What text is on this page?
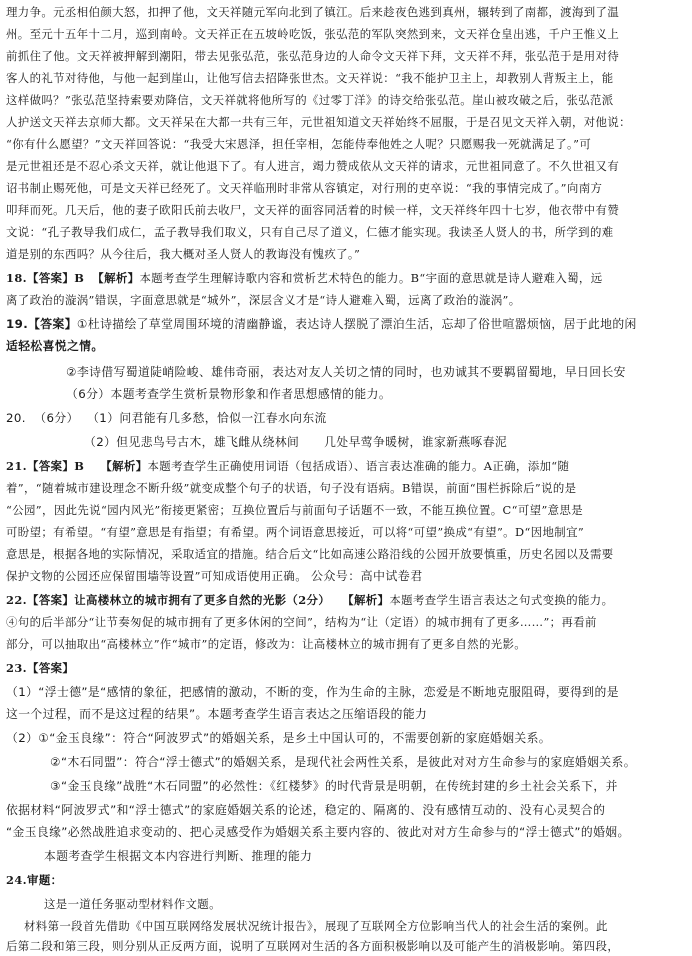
理力争。元丞相伯颜大怒，扣押了他，文天祥随元军向北到了镇江。后来趁夜色逃到真州，辗转到了南都，渡海到了温
州。至元十五年十二月，巡到南岭。文天祥正在五坡岭吃饭，张弘范的军队突然到来，文天祥仓皇出逃，千户王惟义上
前抓住了他。文天祥被押解到潮阳，带去见张弘范，张弘范身边的人命令文天祥下拜，文天祥不拜，张弘范于是用对待
客人的礼节对待他，与他一起到崖山，让他写信去招降张世杰。文天祥说：“我不能护卫主上，却教别人背叛主上，能
这样做吗？”张弘范坚持索要劝降信，文天祥就将他所写的《过零丁洋》的诗交给张弘范。崖山被攻破之后，张弘范派
人护送文天祥去京师大都。文天祥呆在大都一共有三年，元世祖知道文天祥始终不屈服，于是召见文天祥入朝，对他说：
“你有什么愿望？”文天祥回答说：“我受大宋恩泽，担任宰相，怎能侍奉他姓之人呢？只愿赐我一死就满足了。”可
是元世祖还是不忍心杀文天祥，就让他退下了。有人进言，竭力赞成依从文天祥的请求，元世祖同意了。不久世祖又有
诏书制止赐死他，可是文天祥已经死了。文天祥临刑时非常从容镇定，对行刑的吏卒说：“我的事情完成了。”向南方
叩拜而死。几天后，他的妻子欧阳氏前去收尸，文天祥的面容同活着的时候一样，文天祥终年四十七岁，他衣带中有赞
文说：“孔子教导我们成仁，孟子教导我们取义，只有自己尽了道义，仁德才能实现。我读圣人贤人的书，所学到的难
道是别的东西吗？从今往后，我大概对圣人贤人的教诲没有愧疚了。”
18.【答案】B 【解析】本题考查学生理解诗歌内容和赏析艺术特色的能力。B“宇面的意思就是诗人避难入蜀，远
离了政治的漩涡”错误，字面意思就是“城外”，深层含义才是“诗人避难入蜀，远离了政治的漩涡”。
19.【答案】①杜诗描绘了草堂周围环境的清幽静谧，表达诗人摆脱了漂泊生活，忘却了俗世喧嚣烦恼，居于此地的闲
适轻松喜悦之情。
②李诗借写蜀道陡峭险峻、雄伟奇丽，表达对友人关切之情的同时，也劝诚其不要羁留蜀地，早日回长安
（6分）本题考查学生赏析景物形象和作者思想感情的能力。
20. （6分） （1）问君能有几多愁，恰似一江春水向东流
（2）但见悲鸟号古木，雄飞雌从绕林间 几处早莺争暖树，谁家新燕啄春泥
21.【答案】B 【解析】本题考查学生正确使用词语（包括成语）、语言表达准确的能力。A正确，添加“随
着”，“随着城市建设理念不断升级”就变成整个句子的状语，句子没有语病。B错误，前面“围栏拆除后”说的是
“公园”，因此先说“园内风光”衔接更紧密；互换位置后与前面句子话题不一致，不能互换位置。C“可望”意思是
可盼望；有希望。“有望”意思是有指望；有希望。两个词语意思接近，可以将“可望”换成“有望”。D“因地制宜”
意思是，根据各地的实际情况，采取适宜的措施。结合后文“比如高速公路沿线的公园开放要慎重，历史名园以及需要
保护文物的公园还应保留围墙等设置”可知成语使用正确。 公众号：高中试卷君
22.【答案】让高楼林立的城市拥有了更多自然的光影（2分） 【解析】本题考查学生语言表达之句式变换的能力。
④句的后半部分“让节奏匆促的城市拥有了更多休闲的空间”，结构为“让（定语）的城市拥有了更多……”；再看前
部分，可以抽取出“高楼林立”作“城市”的定语，修改为：让高楼林立的城市拥有了更多自然的光影。
23.【答案】
（1）“浮士德”是“感情的象征，把感情的激动，不断的变，作为生命的主脉，恋爱是不断地克服阻碍，要得到的是
这一个过程，而不是这过程的结果”。本题考查学生语言表达之压缩语段的能力
（2）①“金玉良缘”：符合“阿波罗式”的婚姻关系，是乡土中国认可的，不需要创新的家庭婚姻关系。
②“木石同盟”：符合“浮士德式”的婚姻关系，是现代社会两性关系，是彼此对对方生命参与的家庭婚姻关系。
③“金玉良缘”战胜“木石同盟”的必然性：《红楼梦》的时代背景是明朝，在传统封建的乡土社会关系下，并
依据材料“阿波罗式”和“浮士德式”的家庭婚姻关系的论述，稳定的、隔离的、没有感情互动的、没有心灵契合的
“金玉良缘”必然战胜追求变动的、把心灵感受作为婚姻关系主要内容的、彼此对对方生命参与的“浮士德式”的婚姻。
本题考查学生根据文本内容进行判断、推理的能力
24.审题：
这是一道任务驱动型材料作文题。
材料第一段首先借助《中国互联网络发展状况统计报告》，展现了互联网全方位影响当代人的社会生活的案例。此
后第二段和第三段，则分别从正反两方面，说明了互联网对生活的各方面积极影响以及可能产生的消极影响。第四段，
